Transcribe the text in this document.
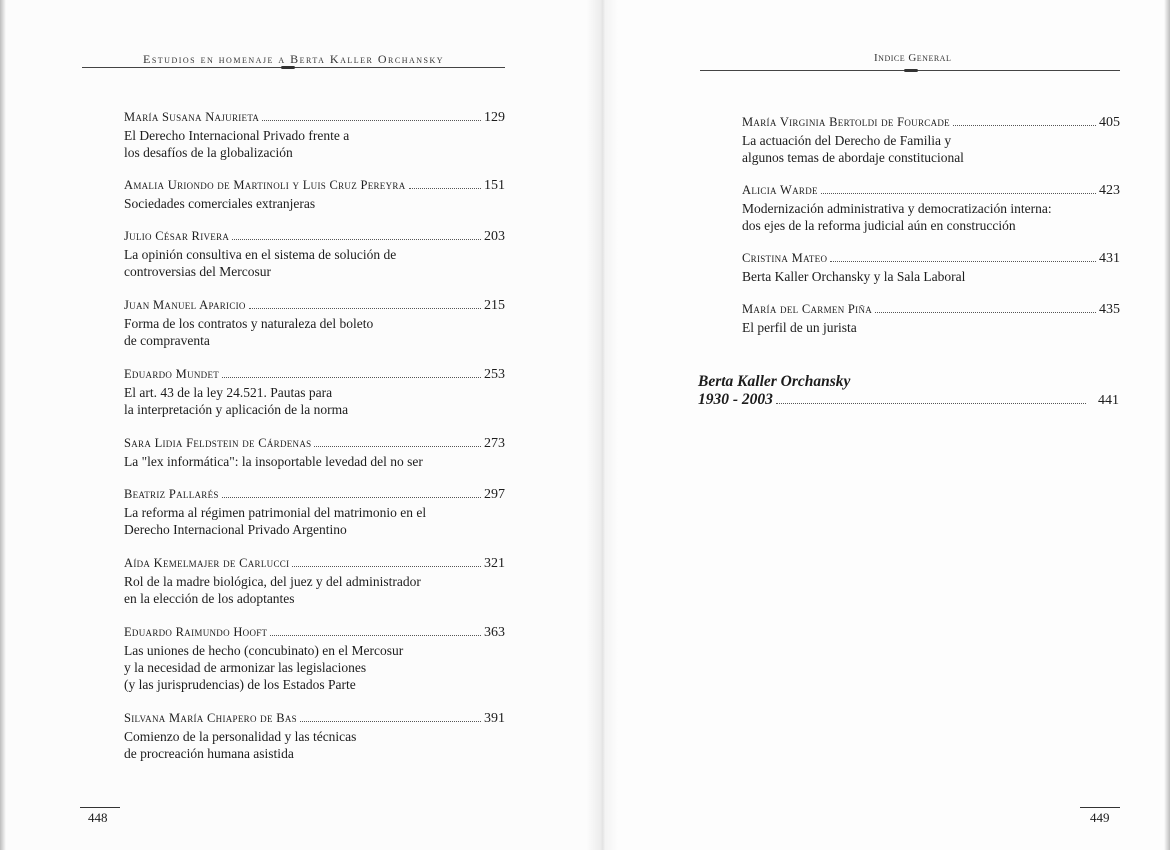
Estudios en homenaje a Berta Kaller Orchansky
María Susana Najurieta	129
El Derecho Internacional Privado frente a
los desafíos de la globalización
Amalia Uriondo de Martinoli y Luis Cruz Pereyra	151
Sociedades comerciales extranjeras
Julio César Rivera	203
La opinión consultiva en el sistema de solución de
controversias del Mercosur
Juan Manuel Aparicio	215
Forma de los contratos y naturaleza del boleto
de compraventa
Eduardo Mundet	253
El art. 43 de la ley 24.521. Pautas para
la interpretación y aplicación de la norma
Sara Lidia Feldstein de Cárdenas	273
La "lex informática": la insoportable levedad del no ser
Beatriz Pallarés	297
La reforma al régimen patrimonial del matrimonio en el
Derecho Internacional Privado Argentino
Aída Kemelmajer de Carlucci	321
Rol de la madre biológica, del juez y del administrador
en la elección de los adoptantes
Eduardo Raimundo Hooft	363
Las uniones de hecho (concubinato) en el Mercosur
y la necesidad de armonizar las legislaciones
(y las jurisprudencias) de los Estados Parte
Silvana María Chiapero de Bas	391
Comienzo de la personalidad y las técnicas
de procreación humana asistida
448
Indice General
María Virginia Bertoldi de Fourcade	405
La actuación del Derecho de Familia y
algunos temas de abordaje constitucional
Alicia Warde	423
Modernización administrativa y democratización interna:
dos ejes de la reforma judicial aún en construcción
Cristina Mateo	431
Berta Kaller Orchansky y la Sala Laboral
María del Carmen Piña	435
El perfil de un jurista
Berta Kaller Orchansky
1930 - 2003	441
449
